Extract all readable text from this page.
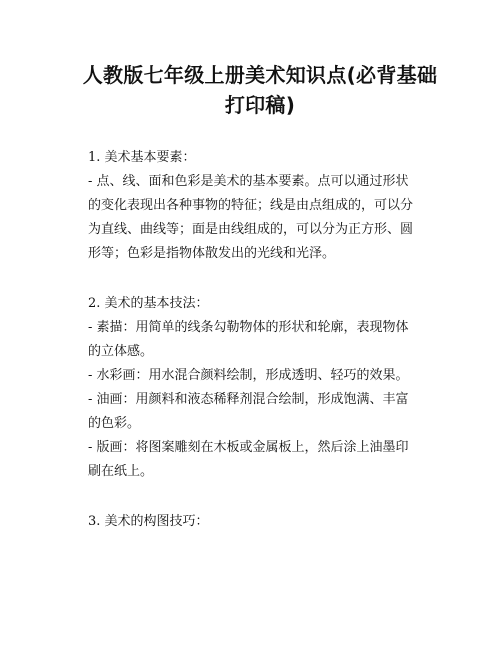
人教版七年级上册美术知识点(必背基础
打印稿)

1. 美术基本要素：

- 点、线、面和色彩是美术的基本要素。点可以通过形状的变化表现出各种事物的特征；线是由点组成的，可以分为直线、曲线等；面是由线组成的，可以分为正方形、圆形等；色彩是指物体散发出的光线和光泽。

2. 美术的基本技法：

- 素描：用简单的线条勾勒物体的形状和轮廓，表现物体的立体感。

- 水彩画：用水混合颜料绘制，形成透明、轻巧的效果。

- 油画：用颜料和液态稀释剂混合绘制，形成饱满、丰富的色彩。

- 版画：将图案雕刻在木板或金属板上，然后涂上油墨印刷在纸上。

3. 美术的构图技巧：
